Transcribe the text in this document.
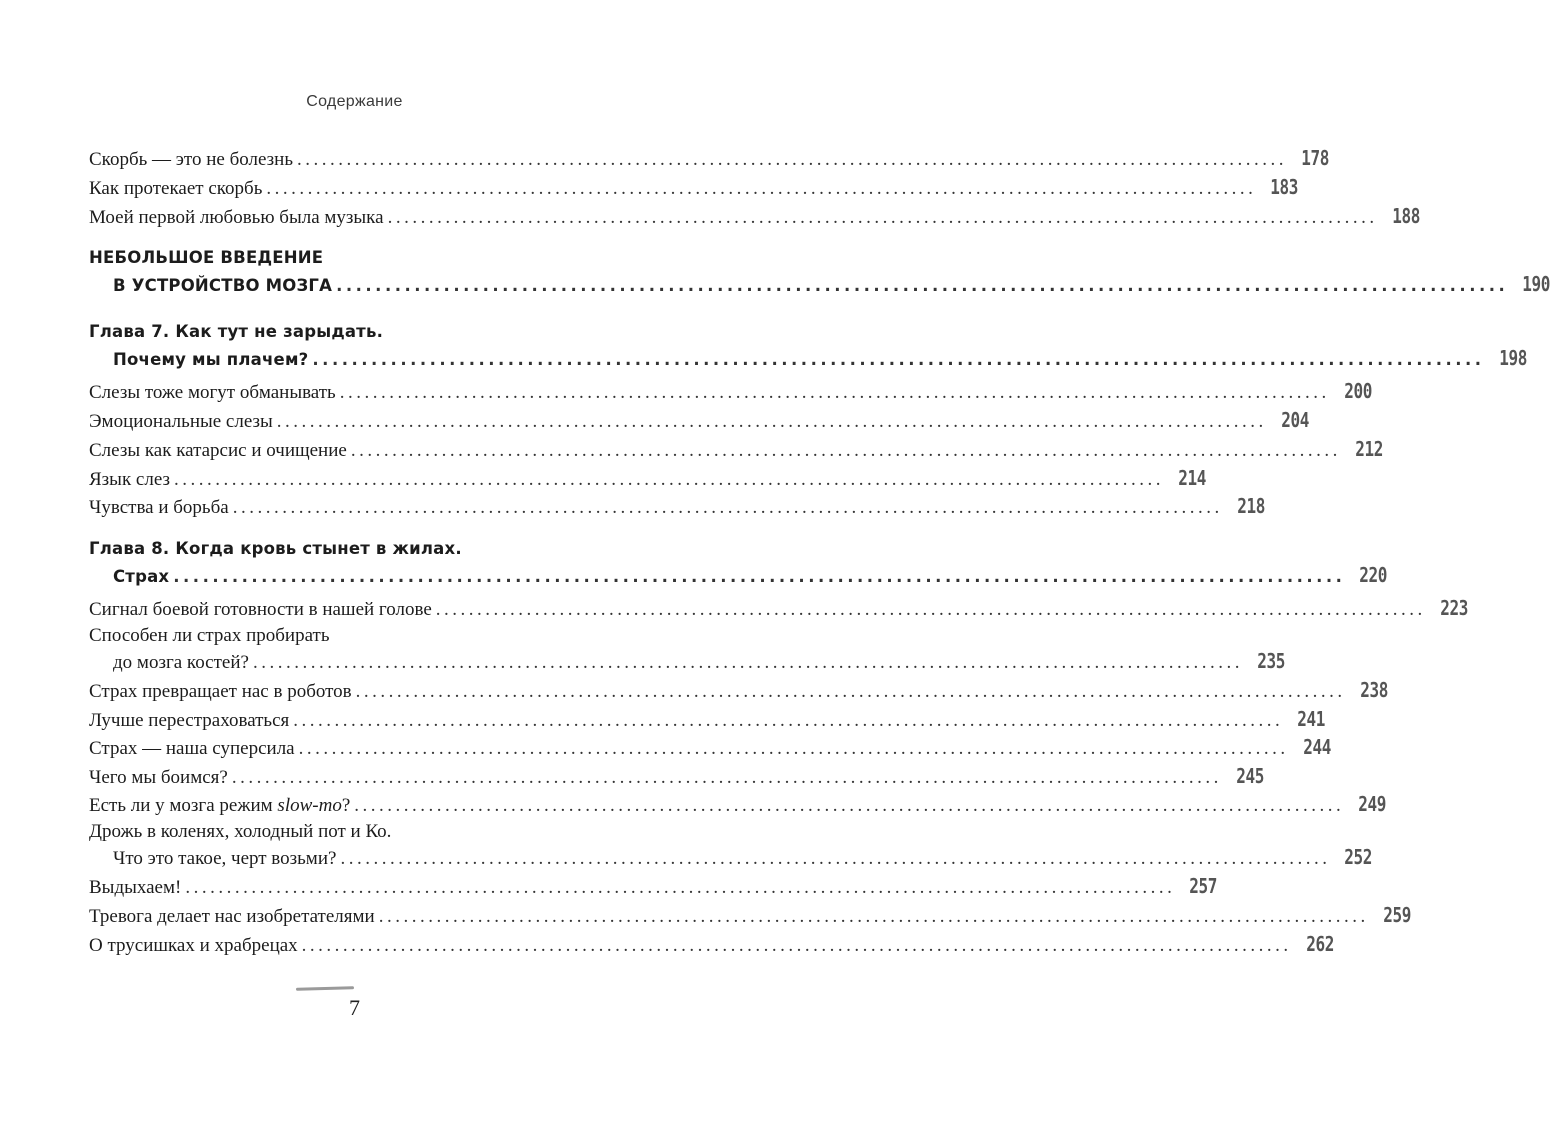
Содержание
Скорбь — это не болезнь ........................................................................................................................ 178
Как протекает скорбь ........................................................................................................................ 183
Моей первой любовью была музыка ........................................................................................................................ 188
НЕБОЛЬШОЕ ВВЕДЕНИЕ
В УСТРОЙСТВО МОЗГА ........................................................................................................................ 190
Глава 7. Как тут не зарыдать.
Почему мы плачем? ........................................................................................................................ 198
Слезы тоже могут обманывать ........................................................................................................................ 200
Эмоциональные слезы ........................................................................................................................ 204
Слезы как катарсис и очищение ........................................................................................................................ 212
Язык слез ........................................................................................................................ 214
Чувства и борьба ........................................................................................................................ 218
Глава 8. Когда кровь стынет в жилах.
Страх ........................................................................................................................ 220
Сигнал боевой готовности в нашей голове ........................................................................................................................ 223
Способен ли страх пробирать
до мозга костей? ........................................................................................................................ 235
Страх превращает нас в роботов ........................................................................................................................ 238
Лучше перестраховаться ........................................................................................................................ 241
Страх — наша суперсила ........................................................................................................................ 244
Чего мы боимся? ........................................................................................................................ 245
Есть ли у мозга режим slow-mo? ........................................................................................................................ 249
Дрожь в коленях, холодный пот и Ко.
Что это такое, черт возьми? ........................................................................................................................ 252
Выдыхаем! ........................................................................................................................ 257
Тревога делает нас изобретателями ........................................................................................................................ 259
О трусишках и храбрецах ........................................................................................................................ 262
7
